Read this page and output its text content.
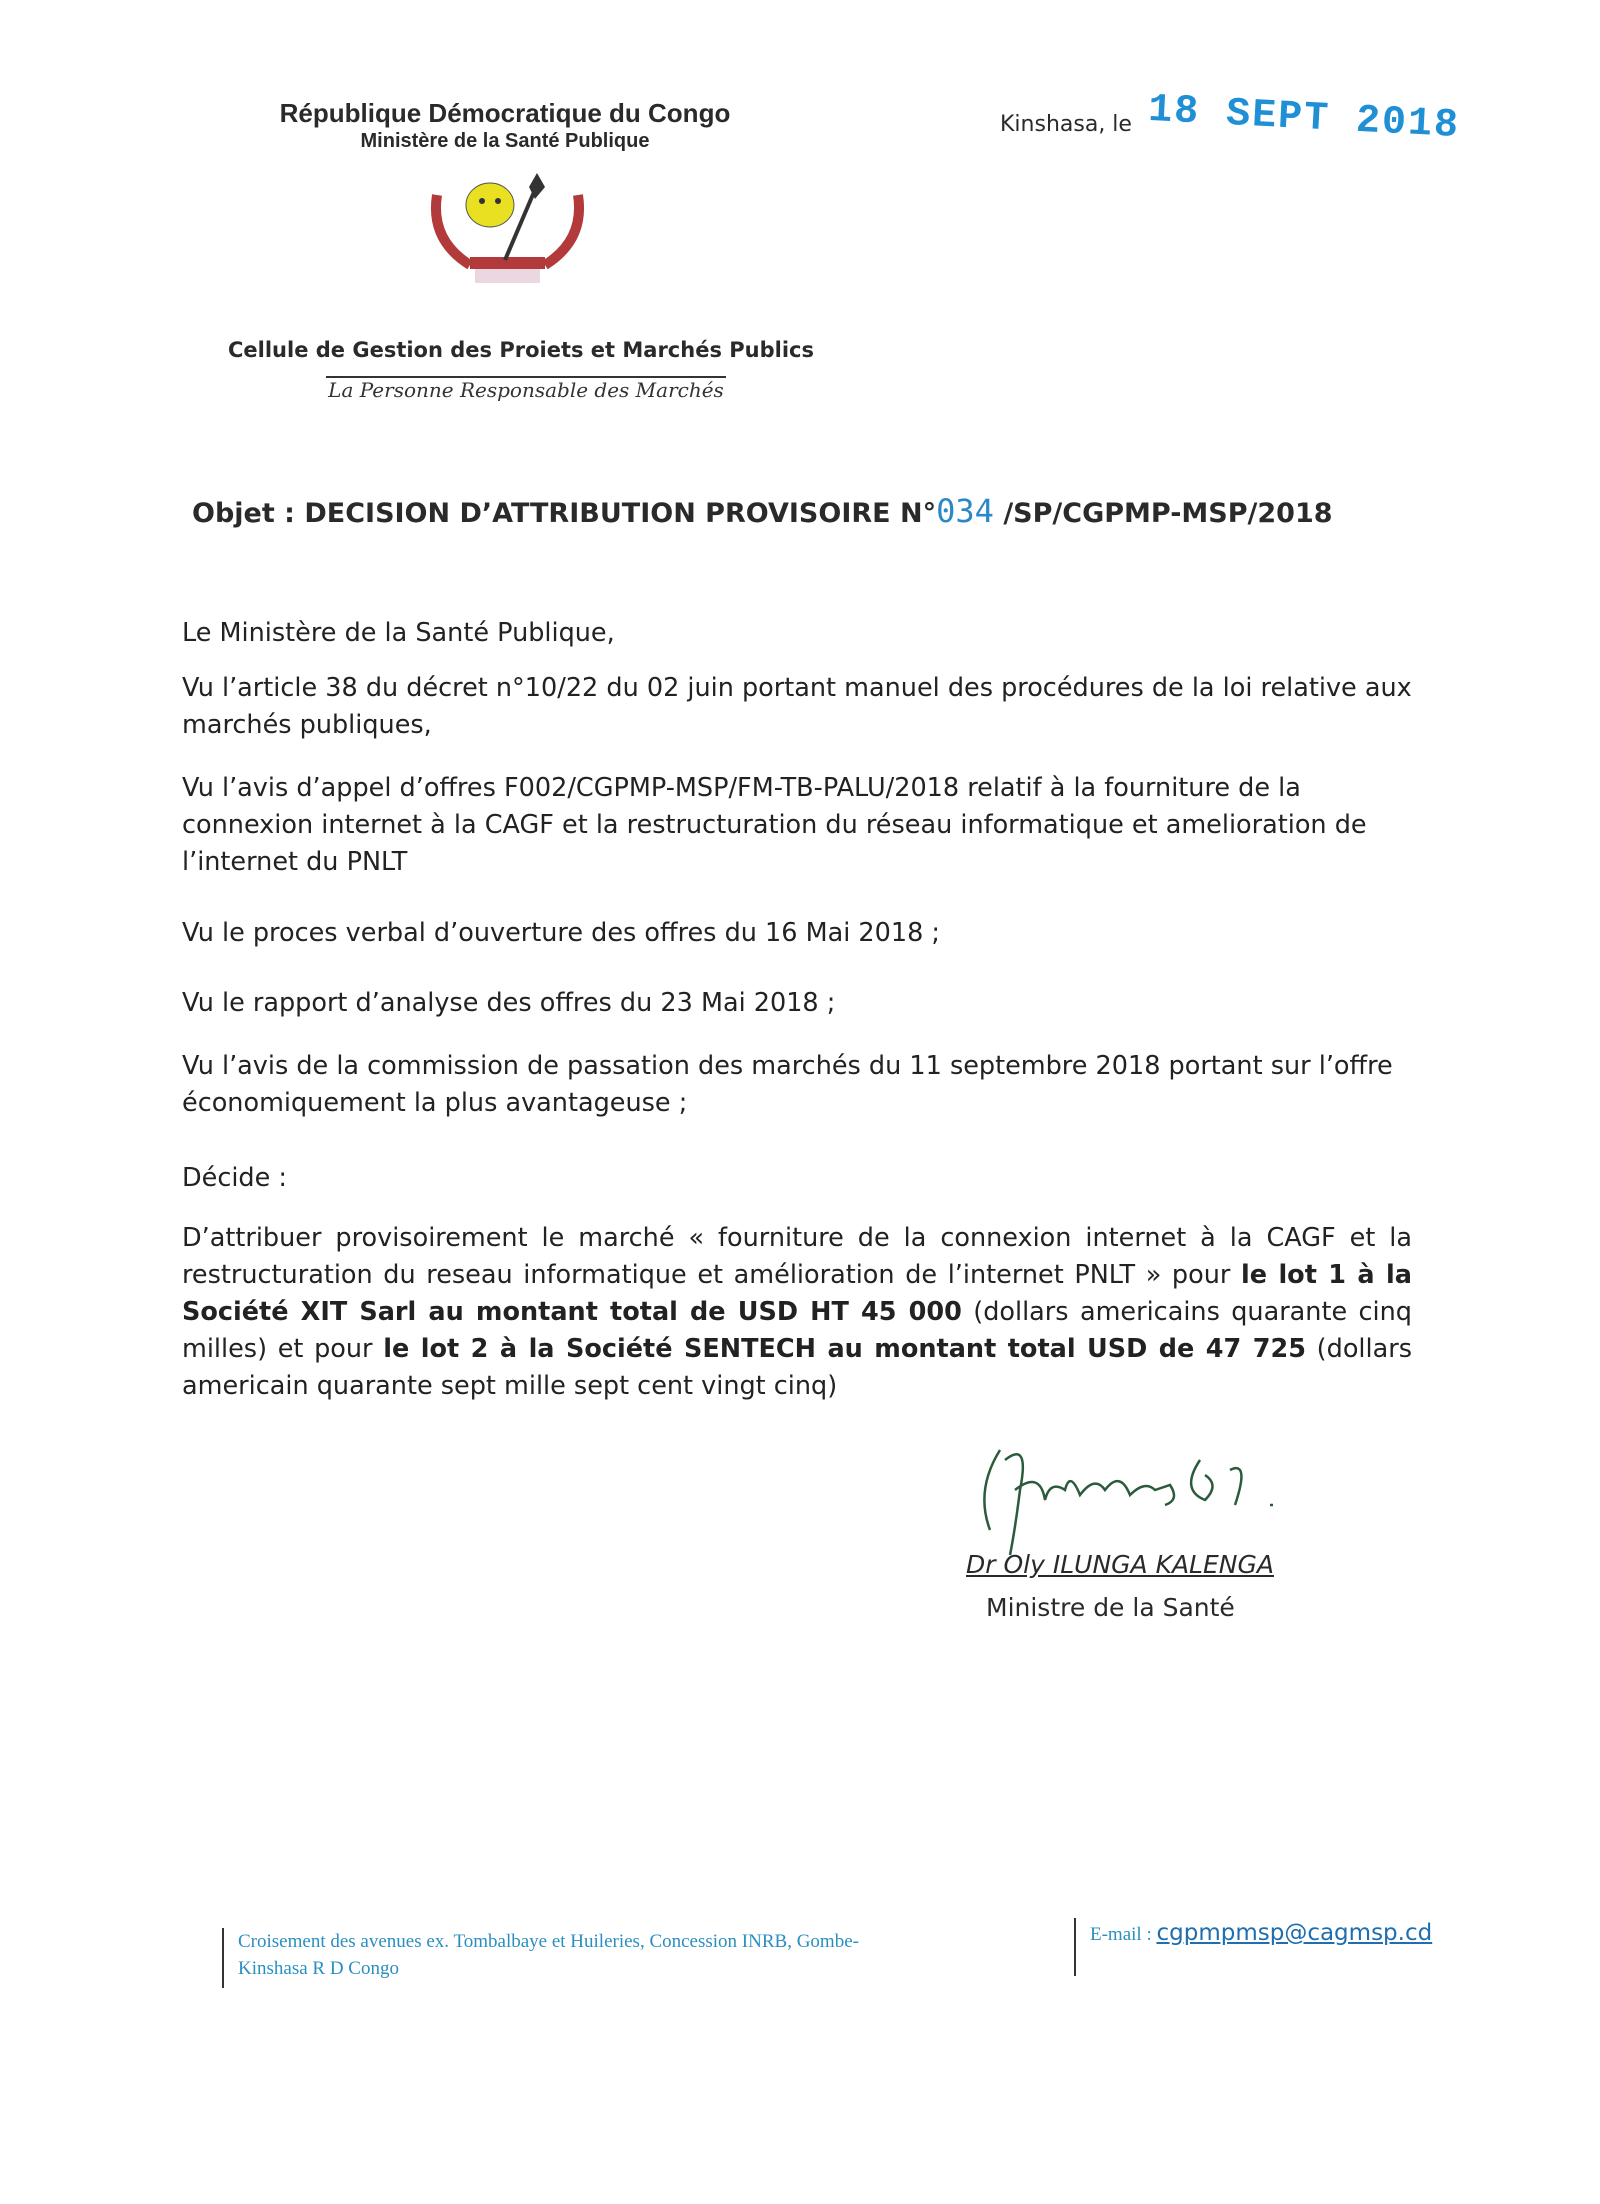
République Démocratique du Congo
Ministère de la Santé Publique
Kinshasa, le 18 SEPT 2018
Cellule de Gestion des Proiets et Marchés Publics
La Personne Responsable des Marchés
Objet : DECISION D’ATTRIBUTION PROVISOIRE N°034 /SP/CGPMP-MSP/2018
Le Ministère de la Santé Publique,
Vu l’article 38 du décret n°10/22 du 02 juin portant manuel des procédures de la loi relative aux marchés publiques,
Vu l’avis d’appel d’offres F002/CGPMP-MSP/FM-TB-PALU/2018 relatif à la fourniture de la connexion internet à la CAGF et la restructuration du réseau informatique et amelioration de l’internet du PNLT
Vu le proces verbal d’ouverture des offres du 16 Mai 2018 ;
Vu le rapport d’analyse des offres du 23 Mai 2018 ;
Vu l’avis de la commission de passation des marchés du 11 septembre 2018 portant sur l’offre économiquement la plus avantageuse ;
Décide :
D’attribuer provisoirement le marché « fourniture de la connexion internet à la CAGF et la restructuration du reseau informatique et amélioration de l’internet PNLT » pour le lot 1 à la Société XIT Sarl au montant total de USD HT 45 000 (dollars americains quarante cinq milles) et pour le lot 2 à la Société SENTECH au montant total USD de 47 725 (dollars americain quarante sept mille sept cent vingt cinq)
Dr Oly ILUNGA KALENGA
Ministre de la Santé
Croisement des avenues ex. Tombalbaye et Huileries, Concession INRB, Gombe-
Kinshasa R D Congo
E-mail : cgpmpmsp@cagmsp.cd
